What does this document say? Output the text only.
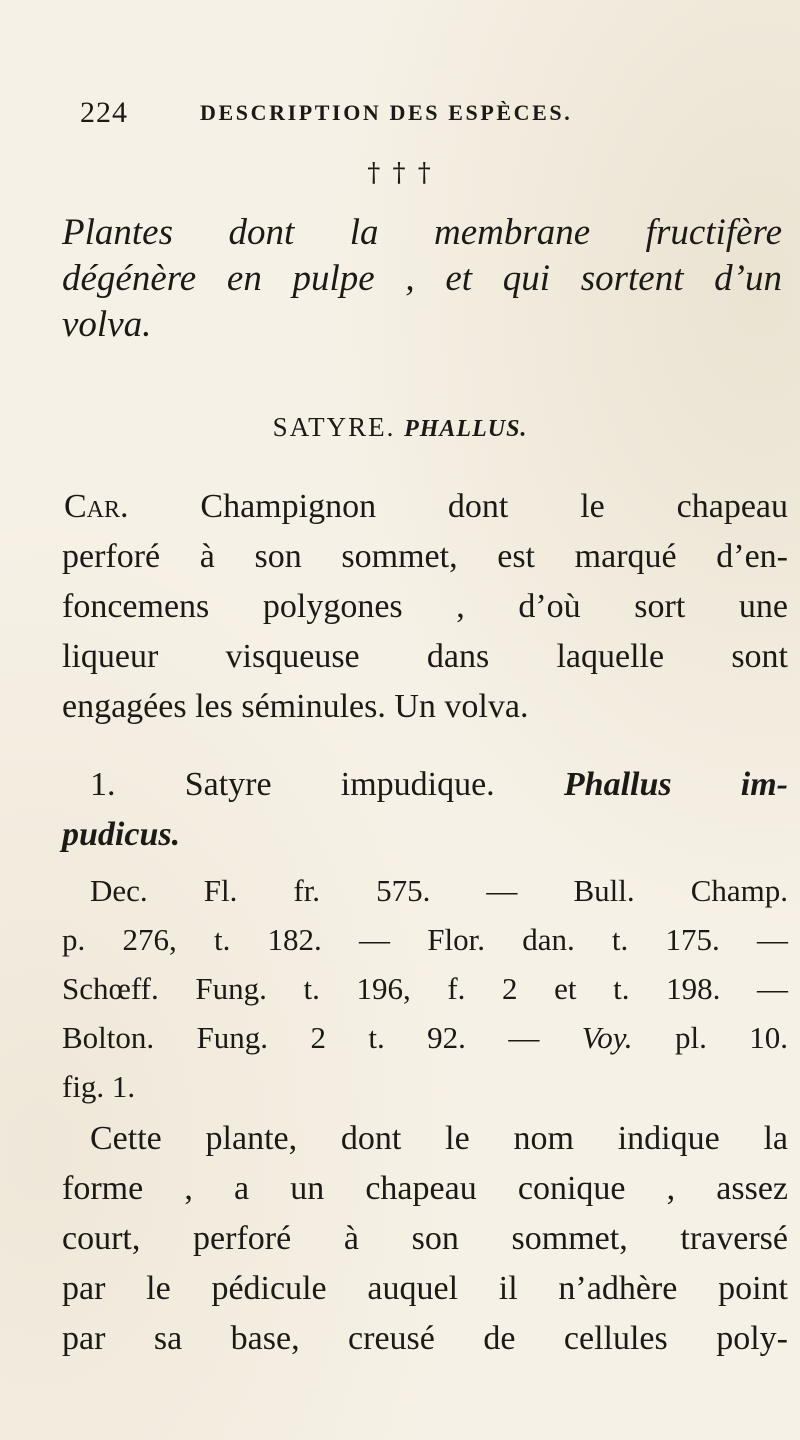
224	DESCRIPTION DES ESPÈCES.
† † †
Plantes dont la membrane fructifère
dégénère en pulpe , et qui sortent d’un
volva.
SATYRE. PHALLUS.

Car. Champignon dont le chapeau
perforé à son sommet, est marqué d’en-
foncemens polygones , d’où sort une
liqueur visqueuse dans laquelle sont
engagées les séminules. Un volva.

1. Satyre impudique. Phallus im-
pudicus.

Dec. Fl. fr. 575. — Bull. Champ.
p. 276, t. 182. — Flor. dan. t. 175. —
Schœff. Fung. t. 196, f. 2 et t. 198. —
Bolton. Fung. 2 t. 92. — Voy. pl. 10.
fig. 1.

Cette plante, dont le nom indique la
forme , a un chapeau conique , assez
court, perforé à son sommet, traversé
par le pédicule auquel il n’adhère point
par sa base, creusé de cellules poly-
